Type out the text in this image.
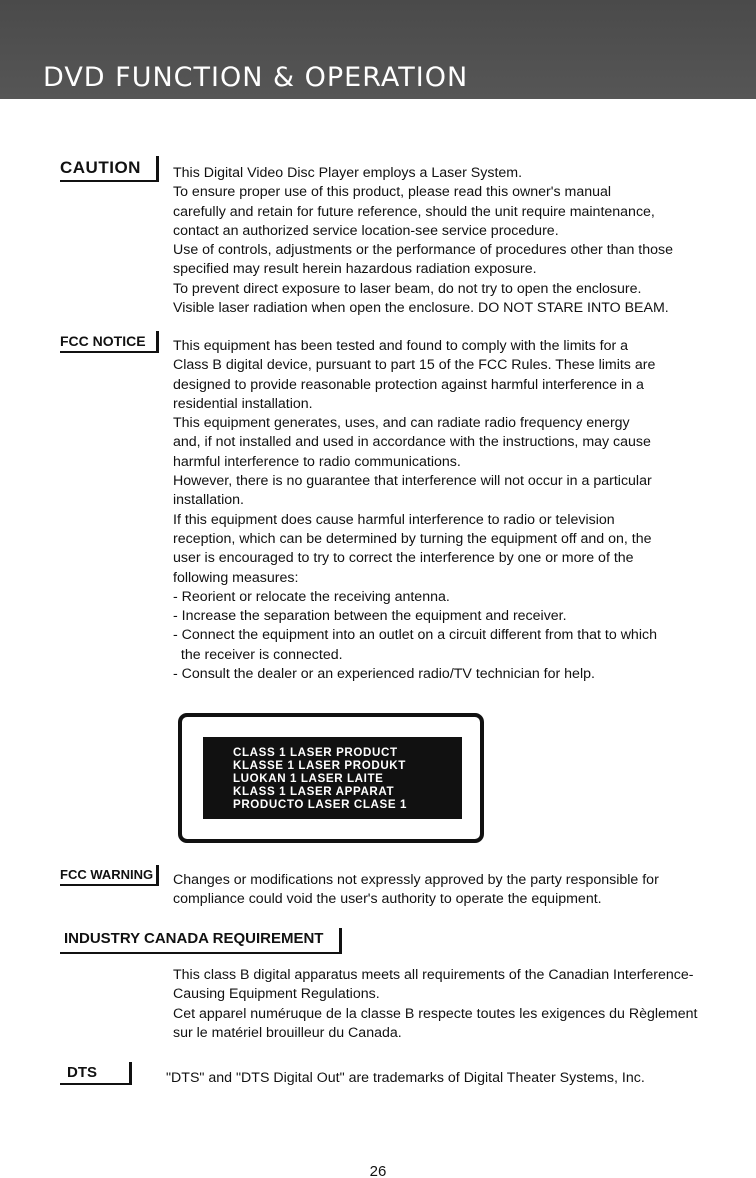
DVD FUNCTION & OPERATION
CAUTION	This Digital Video Disc Player employs a Laser System.
To ensure proper use of this product, please read this owner's manual
carefully and retain for future reference, should the unit require maintenance,
contact an authorized service location-see service procedure.
Use of controls, adjustments or the performance of procedures other than those
specified may result herein hazardous radiation exposure.
To prevent direct exposure to laser beam, do not try to open the enclosure.
Visible laser radiation when open the enclosure. DO NOT STARE INTO BEAM.
FCC NOTICE	This equipment has been tested and found to comply with the limits for a
Class B digital device, pursuant to part 15 of the FCC Rules. These limits are
designed to provide reasonable protection against harmful interference in a
residential installation.
This equipment generates, uses, and can radiate radio frequency energy
and, if not installed and used in accordance with the instructions, may cause
harmful interference to radio communications.
However, there is no guarantee that interference will not occur in a particular
installation.
If this equipment does cause harmful interference to radio or television
reception, which can be determined by turning the equipment off and on, the
user is encouraged to try to correct the interference by one or more of the
following measures:
- Reorient or relocate the receiving antenna.
- Increase the separation between the equipment and receiver.
- Connect the equipment into an outlet on a circuit different from that to which
the receiver is connected.
- Consult the dealer or an experienced radio/TV technician for help.
CLASS 1 LASER PRODUCT
KLASSE 1 LASER PRODUKT
LUOKAN 1 LASER LAITE
KLASS 1 LASER APPARAT
PRODUCTO LASER CLASE 1
FCC WARNING	Changes or modifications not expressly approved by the party responsible for
compliance could void the user's authority to operate the equipment.
INDUSTRY CANADA REQUIREMENT
This class B digital apparatus meets all requirements of the Canadian Interference-
Causing Equipment Regulations.
Cet apparel numéruque de la classe B respecte toutes les exigences du Règlement
sur le matériel brouilleur du Canada.
DTS	"DTS" and "DTS Digital Out" are trademarks of Digital Theater Systems, Inc.
26
